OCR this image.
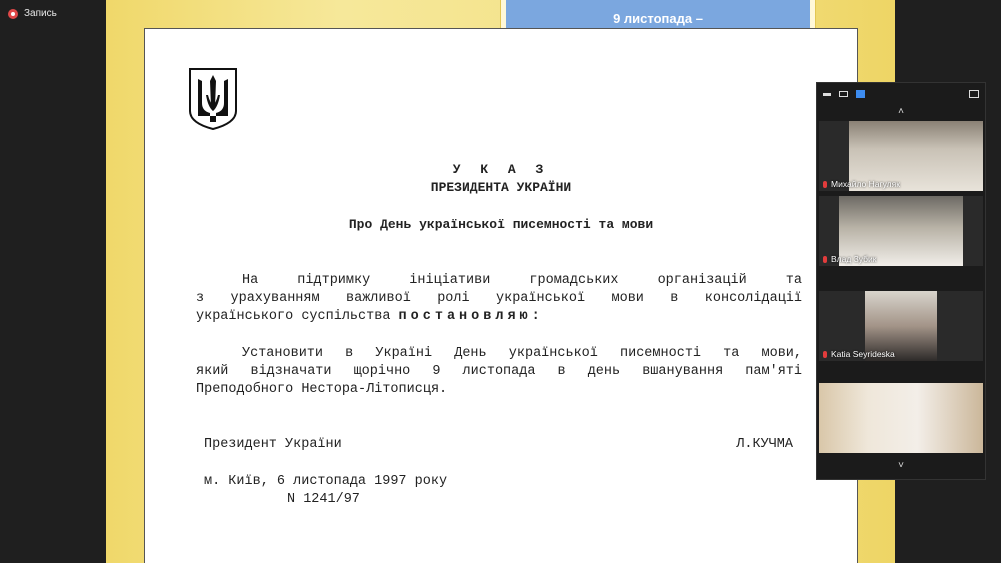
Запись	9 листопада –
У К А З
ПРЕЗИДЕНТА УКРАЇНИ
Про День української писемності та мови
На підтримку ініціативи громадських організацій та
з урахуванням важливої ролі української мови в консолідації
українського суспільства постановляю:
Установити в Україні День української писемності та мови,
який відзначати щорічно 9 листопада в день вшанування пам'яті
Преподобного Нестора-Літописця.
Президент України	Л.КУЧМА
м. Київ, 6 листопада 1997 року
N 1241/97
˄
Михайло Нагуляк
Влад Зубик
Katia Seyrideska
˅
